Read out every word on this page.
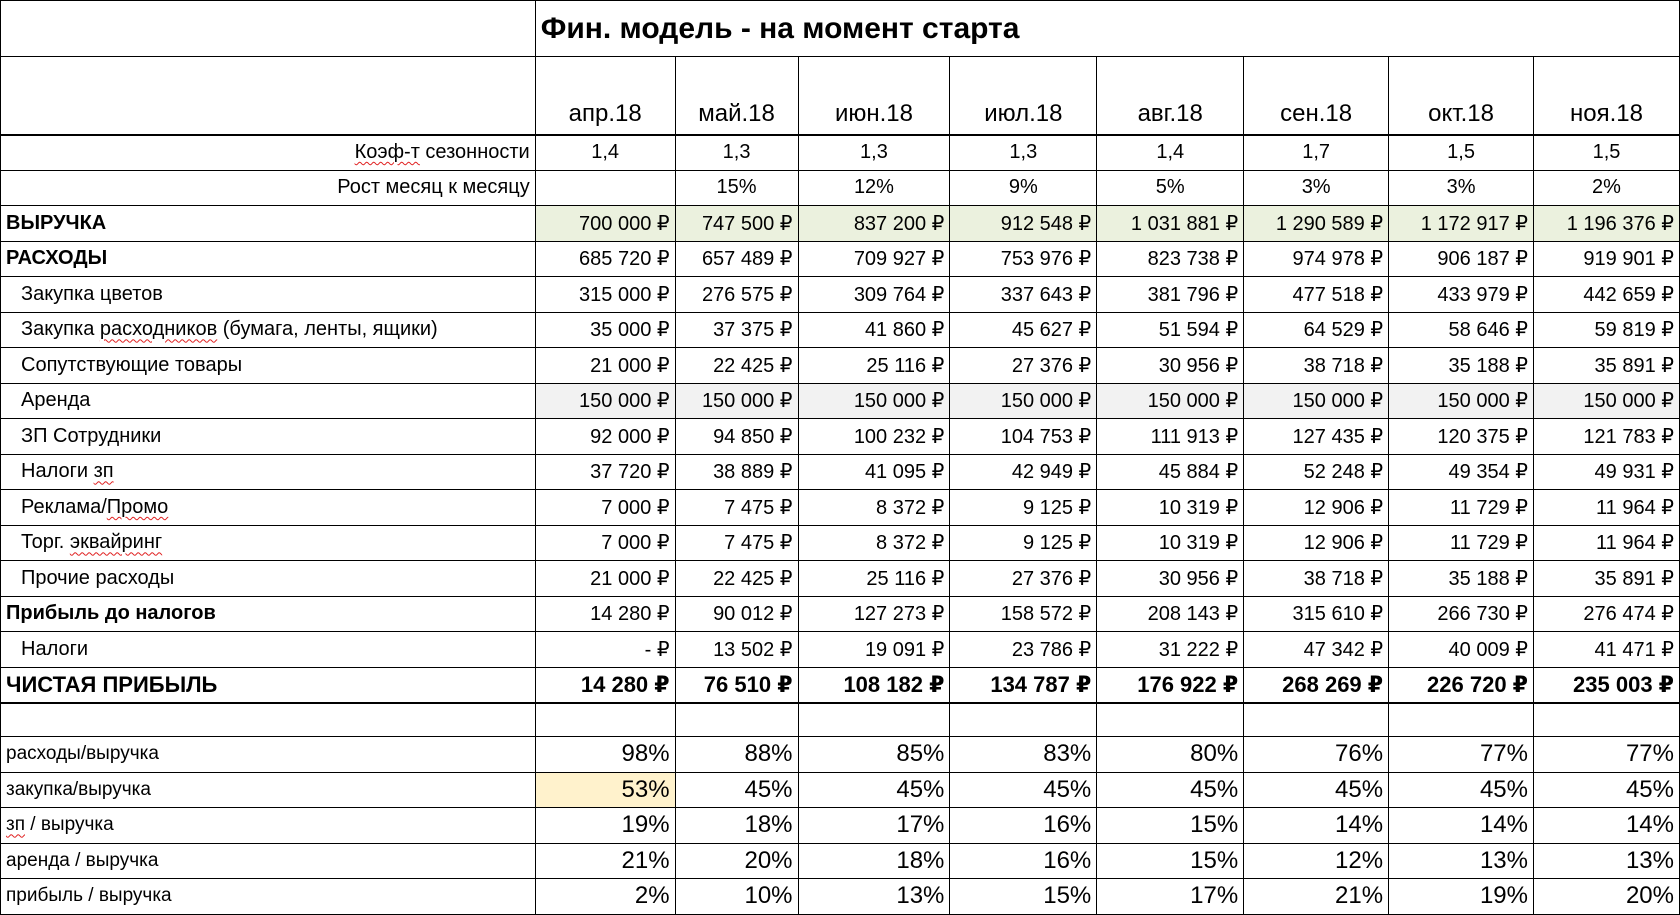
	Фин. модель - на момент старта							
	апр.18	май.18	июн.18	июл.18	авг.18	сен.18	окт.18	ноя.18
Коэф-т сезонности	1,4	1,3	1,3	1,3	1,4	1,7	1,5	1,5
Рост месяц к месяцу		15%	12%	9%	5%	3%	3%	2%
ВЫРУЧКА	700 000 ₽	747 500 ₽	837 200 ₽	912 548 ₽	1 031 881 ₽	1 290 589 ₽	1 172 917 ₽	1 196 376 ₽
РАСХОДЫ	685 720 ₽	657 489 ₽	709 927 ₽	753 976 ₽	823 738 ₽	974 978 ₽	906 187 ₽	919 901 ₽
Закупка цветов	315 000 ₽	276 575 ₽	309 764 ₽	337 643 ₽	381 796 ₽	477 518 ₽	433 979 ₽	442 659 ₽
Закупка расходников (бумага, ленты, ящики)	35 000 ₽	37 375 ₽	41 860 ₽	45 627 ₽	51 594 ₽	64 529 ₽	58 646 ₽	59 819 ₽
Сопутствующие товары	21 000 ₽	22 425 ₽	25 116 ₽	27 376 ₽	30 956 ₽	38 718 ₽	35 188 ₽	35 891 ₽
Аренда	150 000 ₽	150 000 ₽	150 000 ₽	150 000 ₽	150 000 ₽	150 000 ₽	150 000 ₽	150 000 ₽
ЗП Сотрудники	92 000 ₽	94 850 ₽	100 232 ₽	104 753 ₽	111 913 ₽	127 435 ₽	120 375 ₽	121 783 ₽
Налоги зп	37 720 ₽	38 889 ₽	41 095 ₽	42 949 ₽	45 884 ₽	52 248 ₽	49 354 ₽	49 931 ₽
Реклама/Промо	7 000 ₽	7 475 ₽	8 372 ₽	9 125 ₽	10 319 ₽	12 906 ₽	11 729 ₽	11 964 ₽
Торг. эквайринг	7 000 ₽	7 475 ₽	8 372 ₽	9 125 ₽	10 319 ₽	12 906 ₽	11 729 ₽	11 964 ₽
Прочие расходы	21 000 ₽	22 425 ₽	25 116 ₽	27 376 ₽	30 956 ₽	38 718 ₽	35 188 ₽	35 891 ₽
Прибыль до налогов	14 280 ₽	90 012 ₽	127 273 ₽	158 572 ₽	208 143 ₽	315 610 ₽	266 730 ₽	276 474 ₽
Налоги	- ₽	13 502 ₽	19 091 ₽	23 786 ₽	31 222 ₽	47 342 ₽	40 009 ₽	41 471 ₽
ЧИСТАЯ ПРИБЫЛЬ	14 280 ₽	76 510 ₽	108 182 ₽	134 787 ₽	176 922 ₽	268 269 ₽	226 720 ₽	235 003 ₽

расходы/выручка	98%	88%	85%	83%	80%	76%	77%	77%
закупка/выручка	53%	45%	45%	45%	45%	45%	45%	45%
зп / выручка	19%	18%	17%	16%	15%	14%	14%	14%
аренда / выручка	21%	20%	18%	16%	15%	12%	13%	13%
прибыль / выручка	2%	10%	13%	15%	17%	21%	19%	20%
